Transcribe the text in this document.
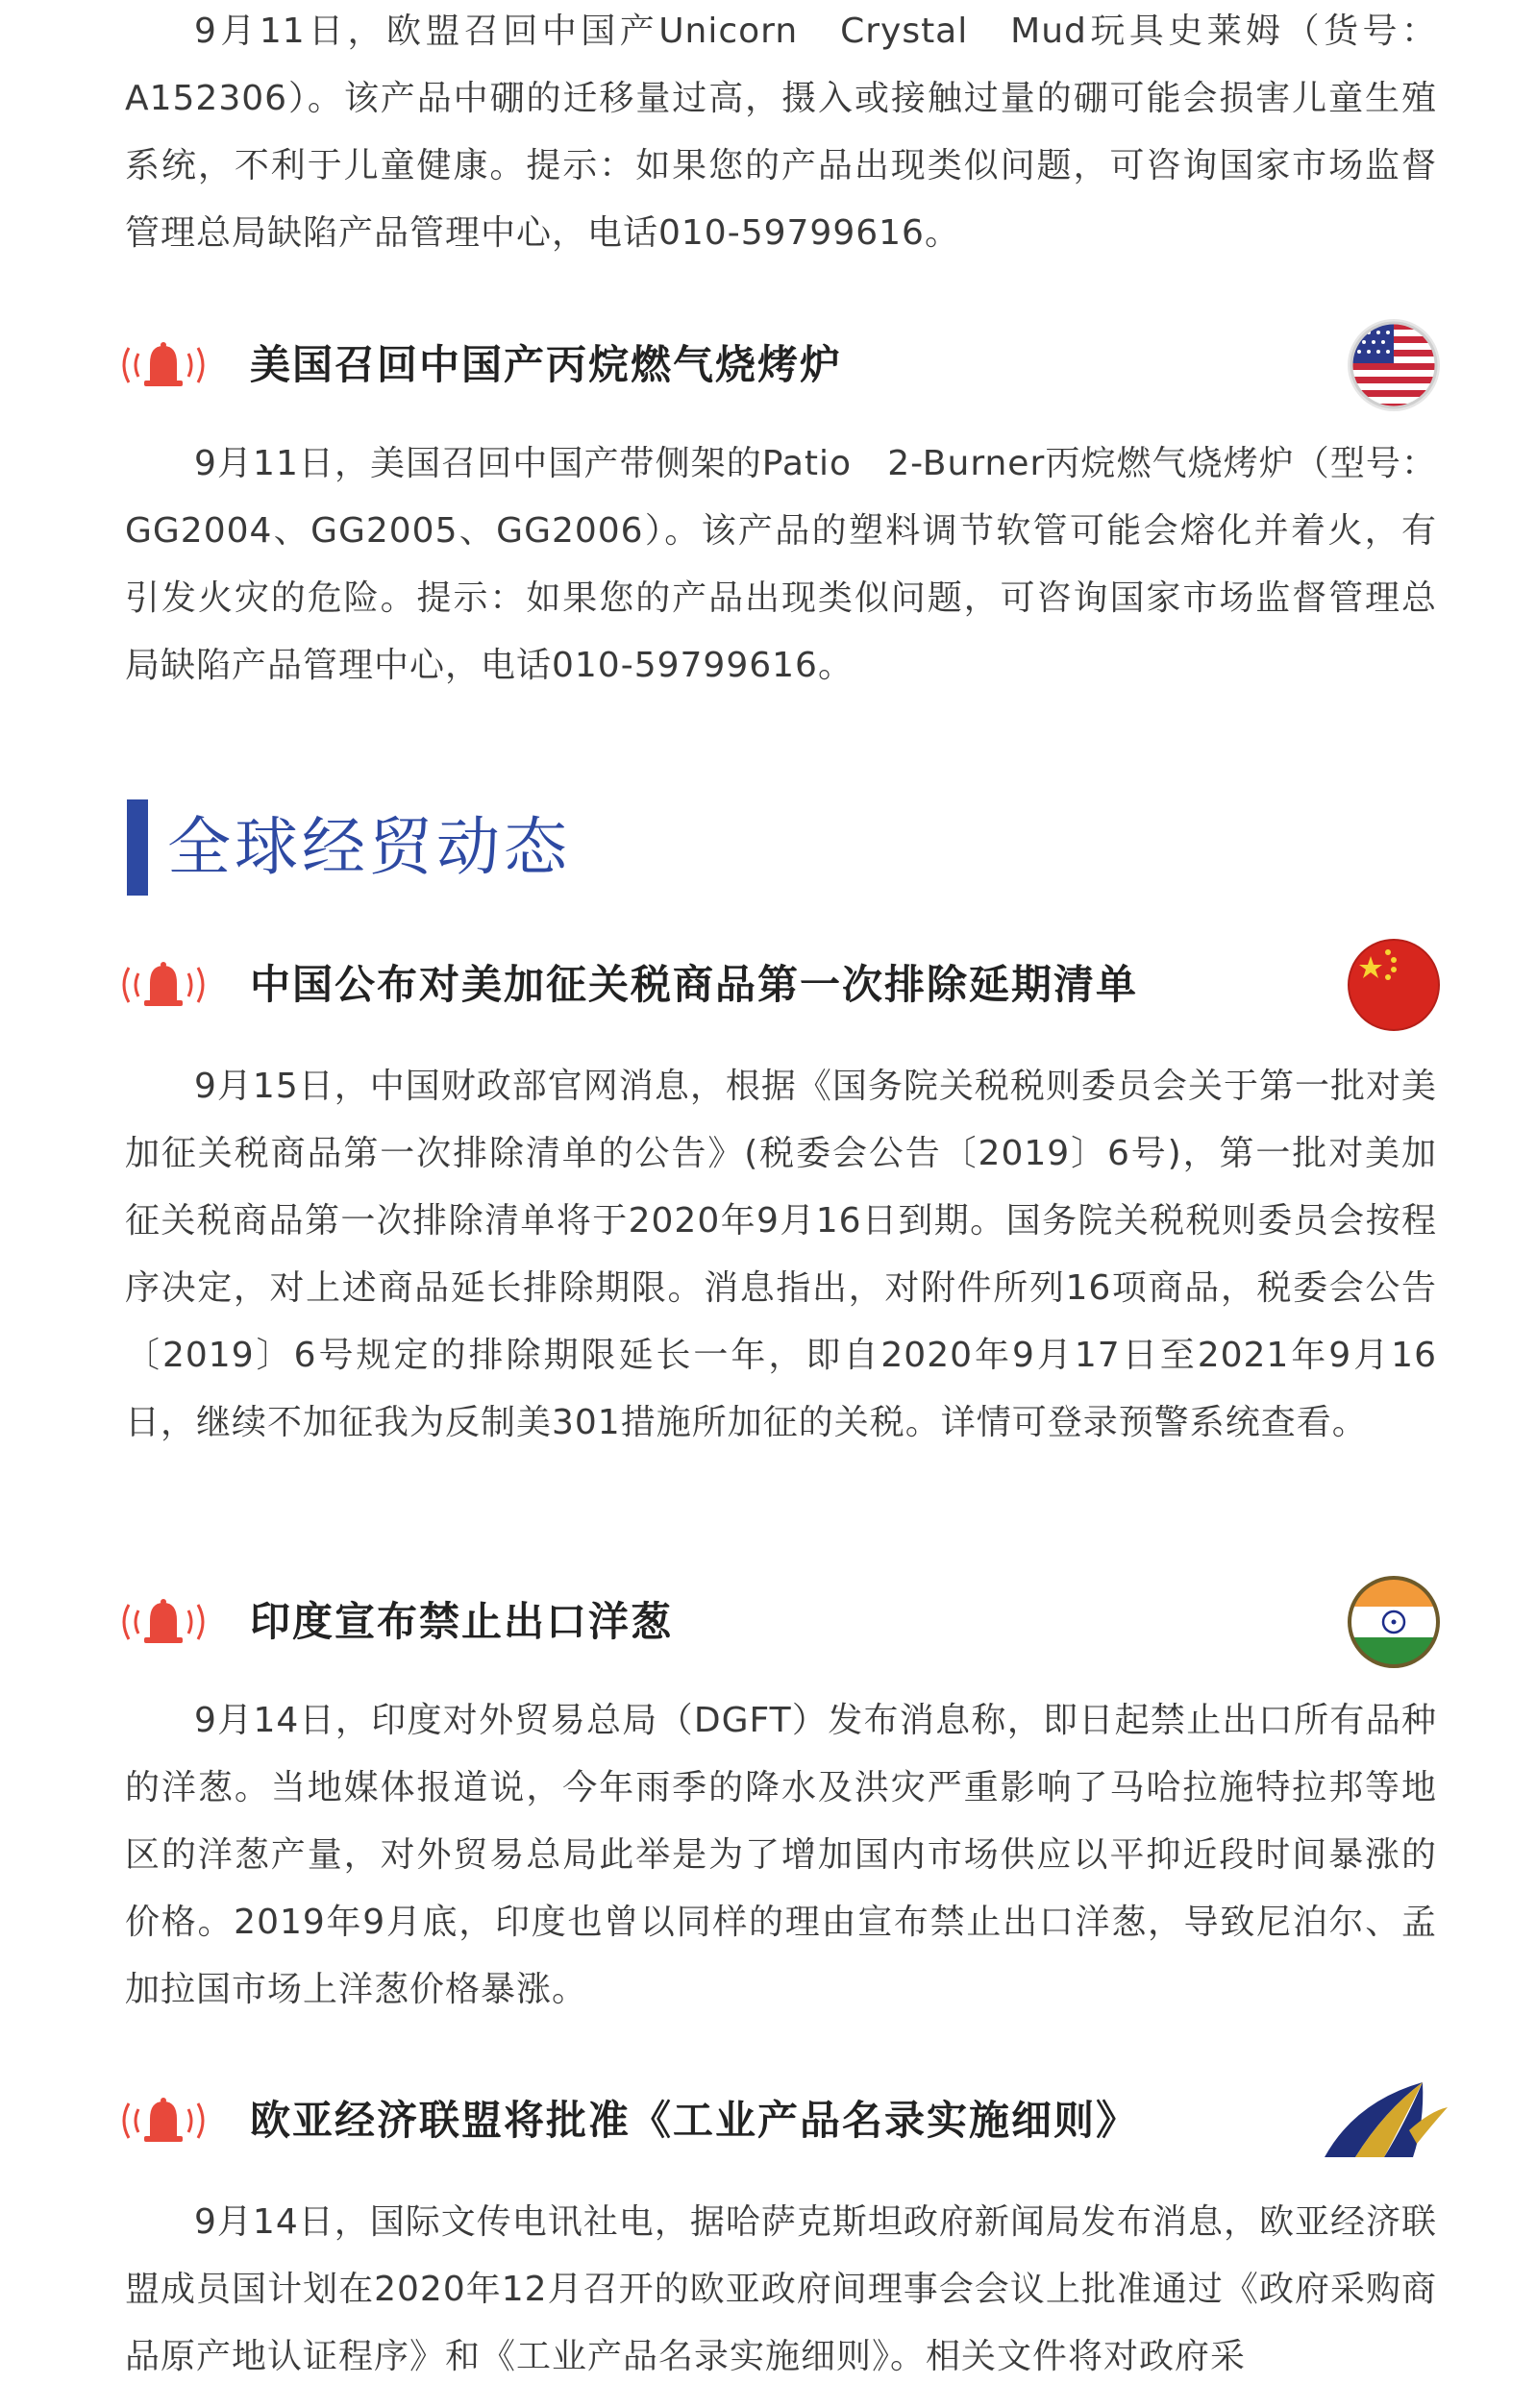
9月11日，欧盟召回中国产Unicorn　Crystal　Mud玩具史莱姆（货号：A152306）。该产品中硼的迁移量过高，摄入或接触过量的硼可能会损害儿童生殖系统，不利于儿童健康。提示：如果您的产品出现类似问题，可咨询国家市场监督管理总局缺陷产品管理中心，电话010-59799616。

美国召回中国产丙烷燃气烧烤炉

9月11日，美国召回中国产带侧架的Patio　2-Burner丙烷燃气烧烤炉（型号：GG2004、GG2005、GG2006）。该产品的塑料调节软管可能会熔化并着火，有引发火灾的危险。提示：如果您的产品出现类似问题，可咨询国家市场监督管理总局缺陷产品管理中心，电话010-59799616。

全球经贸动态
中国公布对美加征关税商品第一次排除延期清单

9月15日，中国财政部官网消息，根据《国务院关税税则委员会关于第一批对美加征关税商品第一次排除清单的公告》(税委会公告〔2019〕6号)，第一批对美加征关税商品第一次排除清单将于2020年9月16日到期。国务院关税税则委员会按程序决定，对上述商品延长排除期限。消息指出，对附件所列16项商品，税委会公告〔2019〕6号规定的排除期限延长一年，即自2020年9月17日至2021年9月16日，继续不加征我为反制美301措施所加征的关税。详情可登录预警系统查看。

印度宣布禁止出口洋葱

9月14日，印度对外贸易总局（DGFT）发布消息称，即日起禁止出口所有品种的洋葱。当地媒体报道说，今年雨季的降水及洪灾严重影响了马哈拉施特拉邦等地区的洋葱产量，对外贸易总局此举是为了增加国内市场供应以平抑近段时间暴涨的价格。2019年9月底，印度也曾以同样的理由宣布禁止出口洋葱，导致尼泊尔、孟加拉国市场上洋葱价格暴涨。

欧亚经济联盟将批准《工业产品名录实施细则》

9月14日，国际文传电讯社电，据哈萨克斯坦政府新闻局发布消息，欧亚经济联盟成员国计划在2020年12月召开的欧亚政府间理事会会议上批准通过《政府采购商品原产地认证程序》和《工业产品名录实施细则》。相关文件将对政府采
